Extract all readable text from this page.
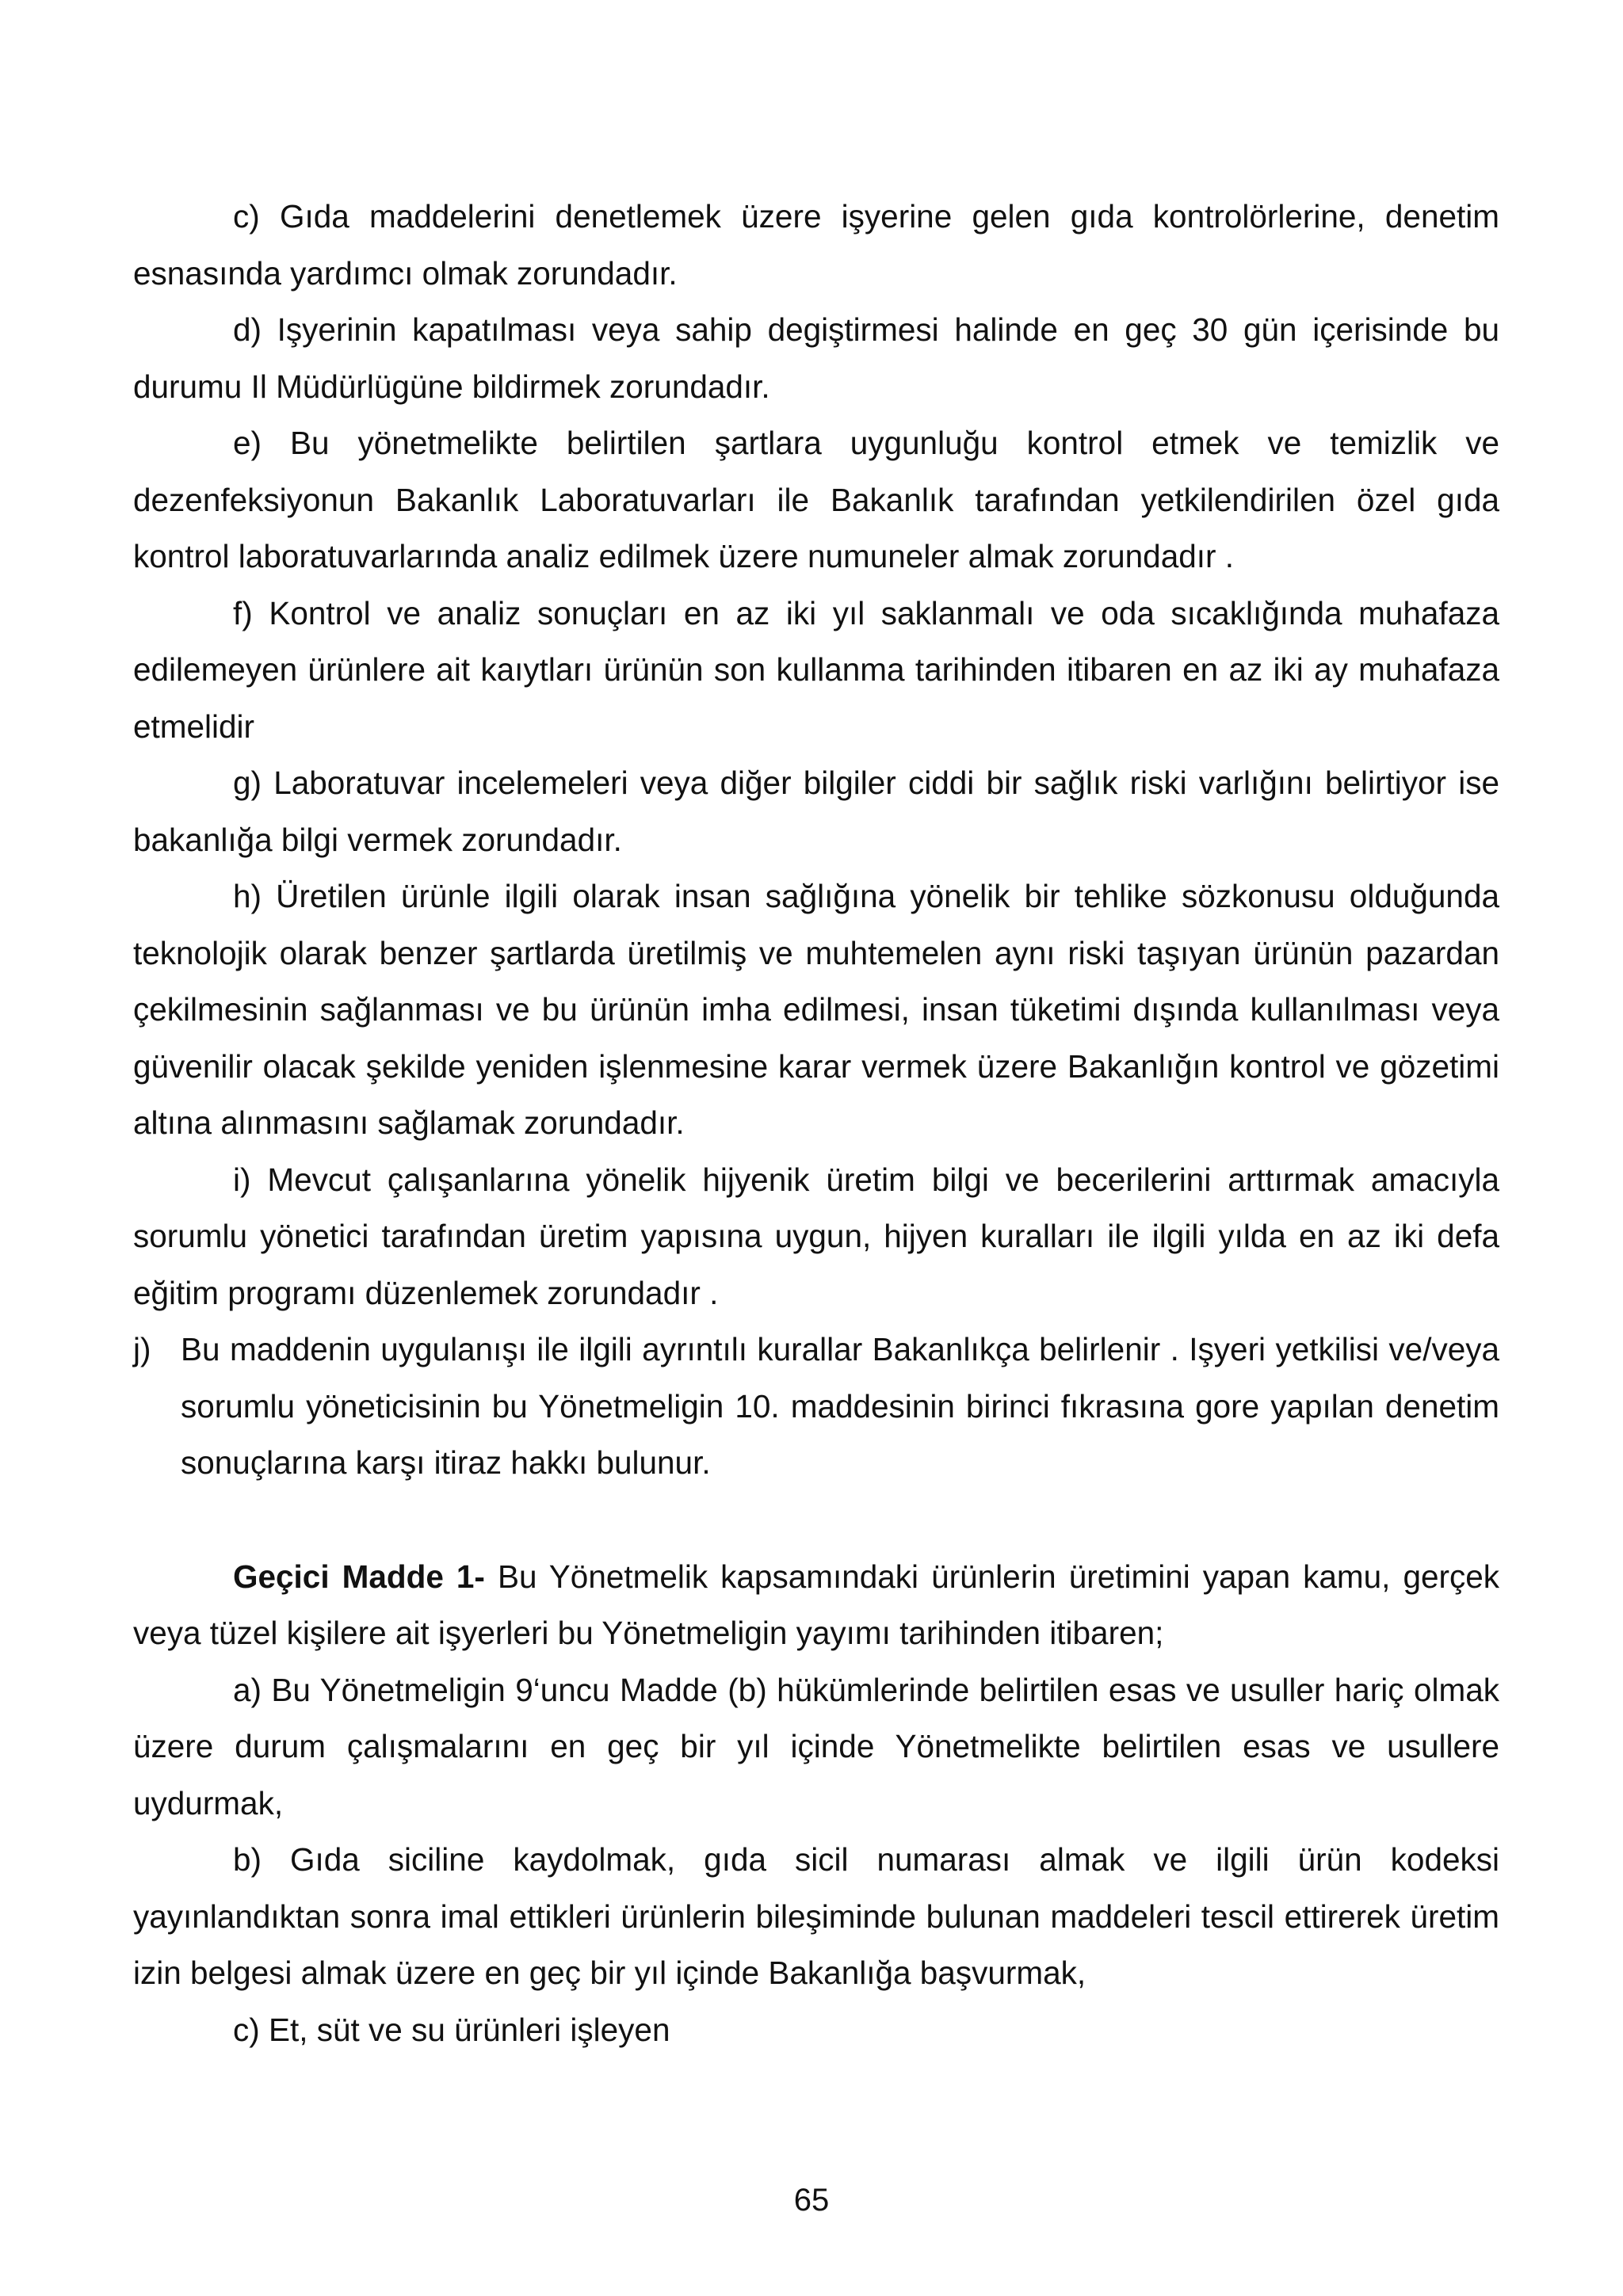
c) Gıda maddelerini denetlemek üzere işyerine gelen gıda kontrolörlerine, denetim esnasında yardımcı olmak zorundadır.

d) Işyerinin kapatılması veya sahip degiştirmesi halinde en geç 30 gün içerisinde bu durumu Il Müdürlügüne bildirmek zorundadır.

e) Bu yönetmelikte belirtilen şartlara uygunluğu kontrol etmek ve temizlik ve dezenfeksiyonun Bakanlık Laboratuvarları ile Bakanlık tarafından yetkilendirilen özel gıda kontrol laboratuvarlarında analiz edilmek üzere numuneler almak zorundadır .

f) Kontrol ve analiz sonuçları en az iki yıl saklanmalı ve oda sıcaklığında muhafaza edilemeyen ürünlere ait kaıytları ürünün son kullanma tarihinden itibaren en az iki ay muhafaza etmelidir

g) Laboratuvar incelemeleri veya diğer bilgiler ciddi bir sağlık riski varlığını belirtiyor ise bakanlığa bilgi vermek zorundadır.

h) Üretilen ürünle ilgili olarak insan sağlığına yönelik bir tehlike sözkonusu olduğunda teknolojik olarak benzer şartlarda üretilmiş ve muhtemelen aynı riski taşıyan ürünün pazardan çekilmesinin sağlanması ve bu ürünün imha edilmesi, insan tüketimi dışında kullanılması veya güvenilir olacak şekilde yeniden işlenmesine karar vermek üzere Bakanlığın kontrol ve gözetimi altına alınmasını sağlamak zorundadır.

i) Mevcut çalışanlarına yönelik hijyenik üretim bilgi ve becerilerini arttırmak amacıyla sorumlu yönetici tarafından üretim yapısına uygun, hijyen kuralları ile ilgili yılda en az iki defa eğitim programı düzenlemek zorundadır .

j) Bu maddenin uygulanışı ile ilgili ayrıntılı kurallar Bakanlıkça belirlenir . Işyeri yetkilisi ve/veya sorumlu yöneticisinin bu Yönetmeligin 10. maddesinin birinci fıkrasına gore yapılan denetim sonuçlarına karşı itiraz hakkı bulunur.

Geçici Madde 1- Bu Yönetmelik kapsamındaki ürünlerin üretimini yapan kamu, gerçek veya tüzel kişilere ait işyerleri bu Yönetmeligin yayımı tarihinden itibaren;

a) Bu Yönetmeligin 9‘uncu Madde (b) hükümlerinde belirtilen esas ve usuller hariç olmak üzere durum çalışmalarını en geç bir yıl içinde Yönetmelikte belirtilen esas ve usullere uydurmak,

b) Gıda siciline kaydolmak, gıda sicil numarası almak ve ilgili ürün kodeksi yayınlandıktan sonra imal ettikleri ürünlerin bileşiminde bulunan maddeleri tescil ettirerek üretim izin belgesi almak üzere en geç bir yıl içinde Bakanlığa başvurmak,

c) Et, süt ve su ürünleri işleyen

65
